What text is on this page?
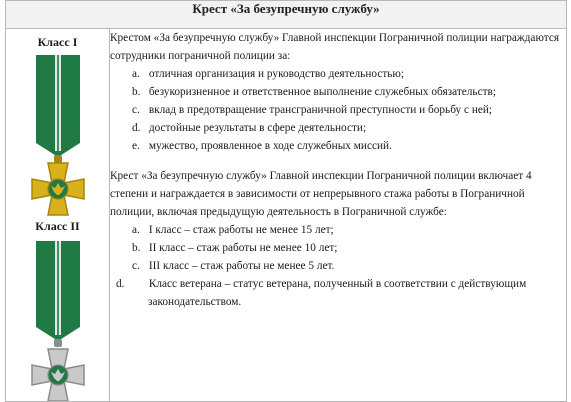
Крест «За безупречную службу»

Класс I
Класс II

Крестом «За безупречную службу» Главной инспекции Пограничной полиции награждаются сотрудники пограничной полиции за:

a. отличная организация и руководство деятельностью;
b. безукоризненное и ответственное выполнение служебных обязательств;
c. вклад в предотвращение трансграничной преступности и борьбу с ней;
d. достойные результаты в сфере деятельности;
e. мужество, проявленное в ходе служебных миссий.

Крест «За безупречную службу» Главной инспекции Пограничной полиции включает 4 степени и награждается в зависимости от непрерывного стажа работы в Пограничной полиции, включая предыдущую деятельность в Пограничной службе:

a. I класс – стаж работы не менее 15 лет;
b. II класс – стаж работы не менее 10 лет;
c. III класс – стаж работы не менее 5 лет.
d. Класс ветерана – статус ветерана, полученный в соответствии с действующим законодательством.
